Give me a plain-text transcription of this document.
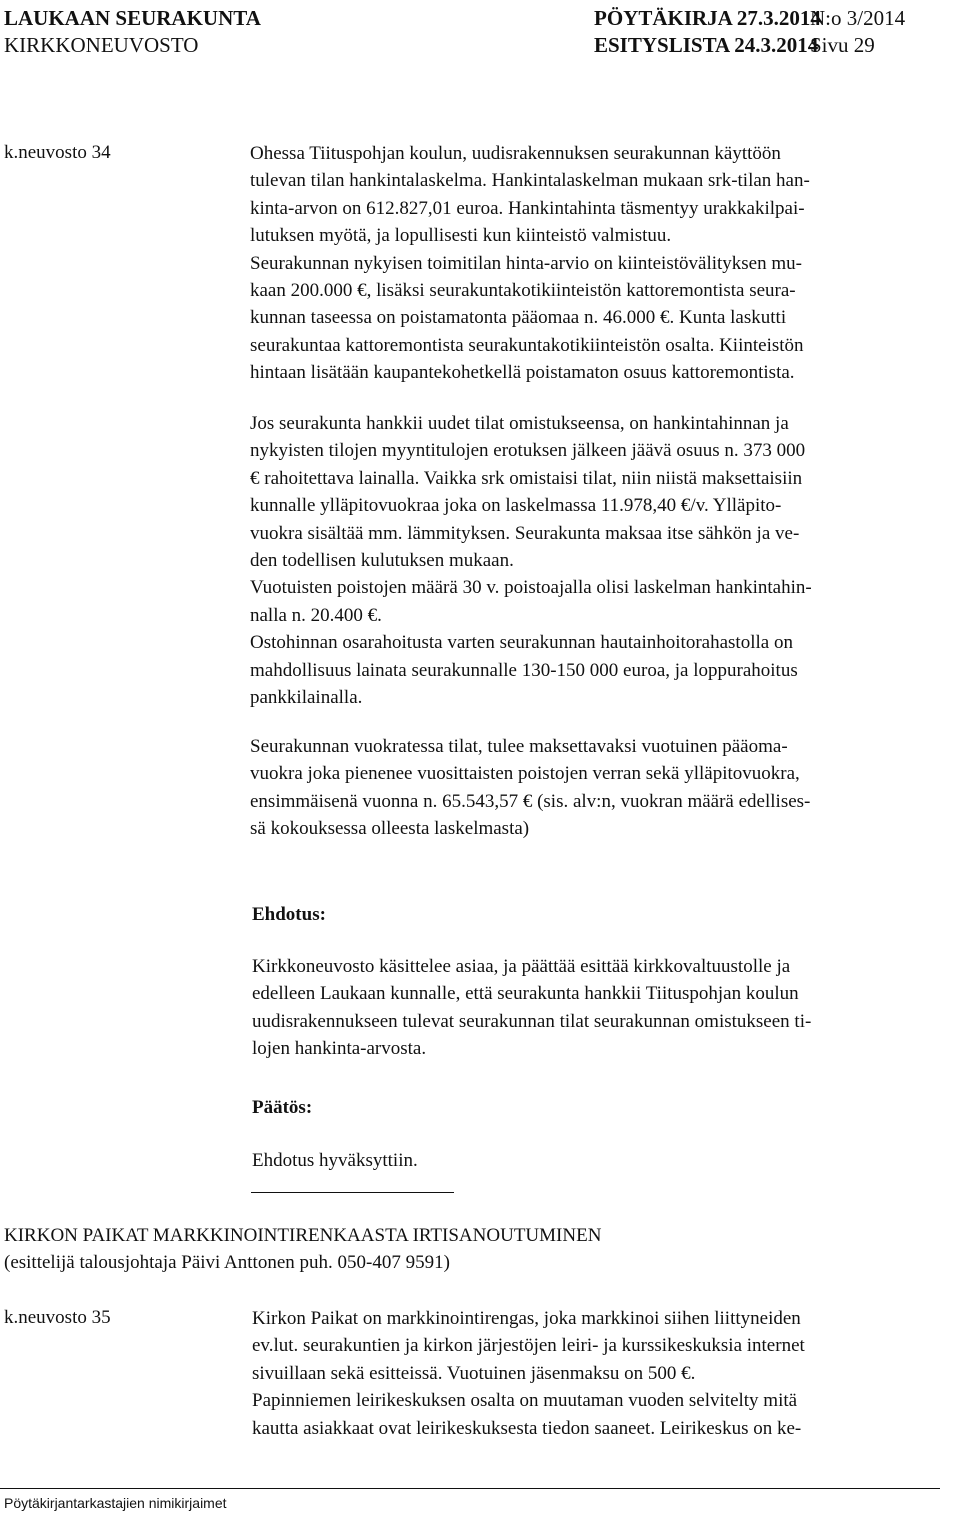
LAUKAAN SEURAKUNTA
KIRKKONEUVOSTO
PÖYTÄKIRJA 27.3.2014
ESITYSLISTA 24.3.2014
N:o 3/2014
Sivu 29
k.neuvosto 34	Ohessa Tiituspohjan koulun, uudisrakennuksen seurakunnan käyttöön
tulevan tilan hankintalaskelma. Hankintalaskelman mukaan srk-tilan han-
kinta-arvon on 612.827,01 euroa. Hankintahinta täsmentyy urakkakilpai-
lutuksen myötä, ja lopullisesti kun kiinteistö valmistuu.
Seurakunnan nykyisen toimitilan hinta-arvio on kiinteistövälityksen mu-
kaan 200.000 €, lisäksi seurakuntakotikiinteistön kattoremontista seura-
kunnan taseessa on poistamatonta pääomaa n. 46.000 €. Kunta laskutti
seurakuntaa kattoremontista seurakuntakotikiinteistön osalta. Kiinteistön
hintaan lisätään kaupantekohetkellä poistamaton osuus kattoremontista.
Jos seurakunta hankkii uudet tilat omistukseensa, on hankintahinnan ja
nykyisten tilojen myyntitulojen erotuksen jälkeen jäävä osuus n. 373 000
€ rahoitettava lainalla. Vaikka srk omistaisi tilat, niin niistä maksettaisiin
kunnalle ylläpitovuokraa joka on laskelmassa 11.978,40 €/v. Ylläpito-
vuokra sisältää mm. lämmityksen. Seurakunta maksaa itse sähkön ja ve-
den todellisen kulutuksen mukaan.
Vuotuisten poistojen määrä 30 v. poistoajalla olisi laskelman hankintahin-
nalla n. 20.400 €.
Ostohinnan osarahoitusta varten seurakunnan hautainhoitorahastolla on
mahdollisuus lainata seurakunnalle 130-150 000 euroa, ja loppurahoitus
pankkilainalla.
Seurakunnan vuokratessa tilat, tulee maksettavaksi vuotuinen pääoma-
vuokra joka pienenee vuosittaisten poistojen verran sekä ylläpitovuokra,
ensimmäisenä vuonna n. 65.543,57 € (sis. alv:n, vuokran määrä edellises-
sä kokouksessa olleesta laskelmasta)
Ehdotus:
Kirkkoneuvosto käsittelee asiaa, ja päättää esittää kirkkovaltuustolle ja
edelleen Laukaan kunnalle, että seurakunta hankkii Tiituspohjan koulun
uudisrakennukseen tulevat seurakunnan tilat seurakunnan omistukseen ti-
lojen hankinta-arvosta.
Päätös:
Ehdotus hyväksyttiin.
KIRKON PAIKAT MARKKINOINTIRENKAASTA IRTISANOUTUMINEN
(esittelijä talousjohtaja Päivi Anttonen puh. 050-407 9591)
k.neuvosto 35	Kirkon Paikat on markkinointirengas, joka markkinoi siihen liittyneiden
ev.lut. seurakuntien ja kirkon järjestöjen leiri- ja kurssikeskuksia internet
sivuillaan sekä esitteissä. Vuotuinen jäsenmaksu on 500 €.
Papinniemen leirikeskuksen osalta on muutaman vuoden selvitelty mitä
kautta asiakkaat ovat leirikeskuksesta tiedon saaneet. Leirikeskus on ke-
Pöytäkirjantarkastajien nimikirjaimet
